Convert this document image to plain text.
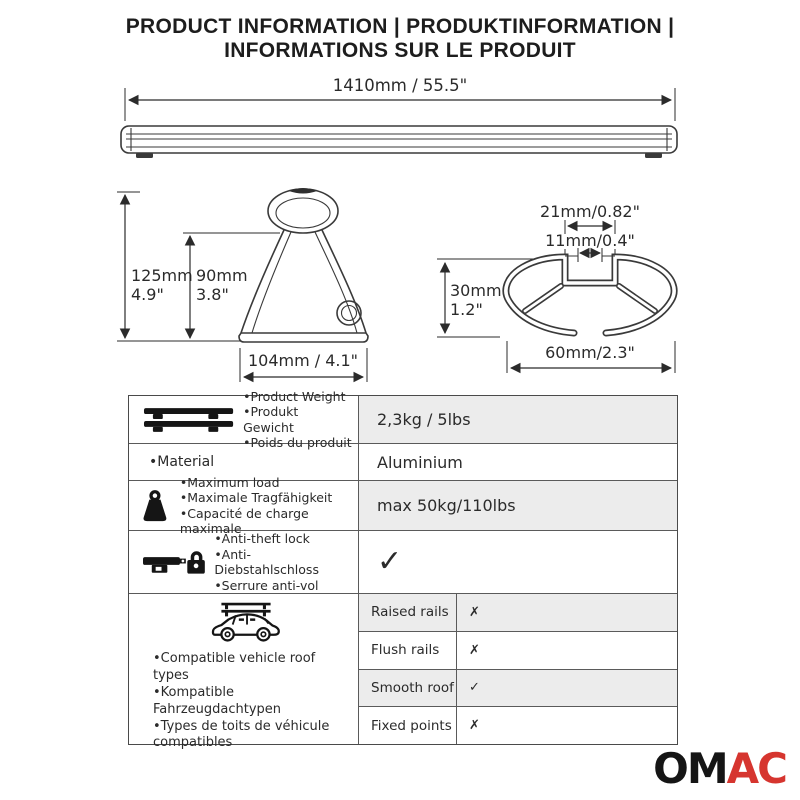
PRODUCT INFORMATION | PRODUKTINFORMATION |
INFORMATIONS SUR LE PRODUIT
1410mm / 55.5"
125mm
4.9"
90mm
3.8"
104mm / 4.1"
21mm/0.82"
11mm/0.4"
30mm
1.2"
60mm/2.3"
•Product Weight
•Produkt Gewicht
•Poids du produit
2,3kg / 5lbs
•Material	Aluminium
•Maximum load
•Maximale Tragfähigkeit
•Capacité de charge maximale
max 50kg/110lbs
•Anti-theft lock
•Anti-Diebstahlschloss
•Serrure anti-vol
✓
•Compatible vehicle roof types
•Kompatible Fahrzeugdachtypen
•Types de toits de véhicule
compatibles
Raised rails ✗
Flush rails ✗
Smooth roof ✓
Fixed points ✗
OMAC
